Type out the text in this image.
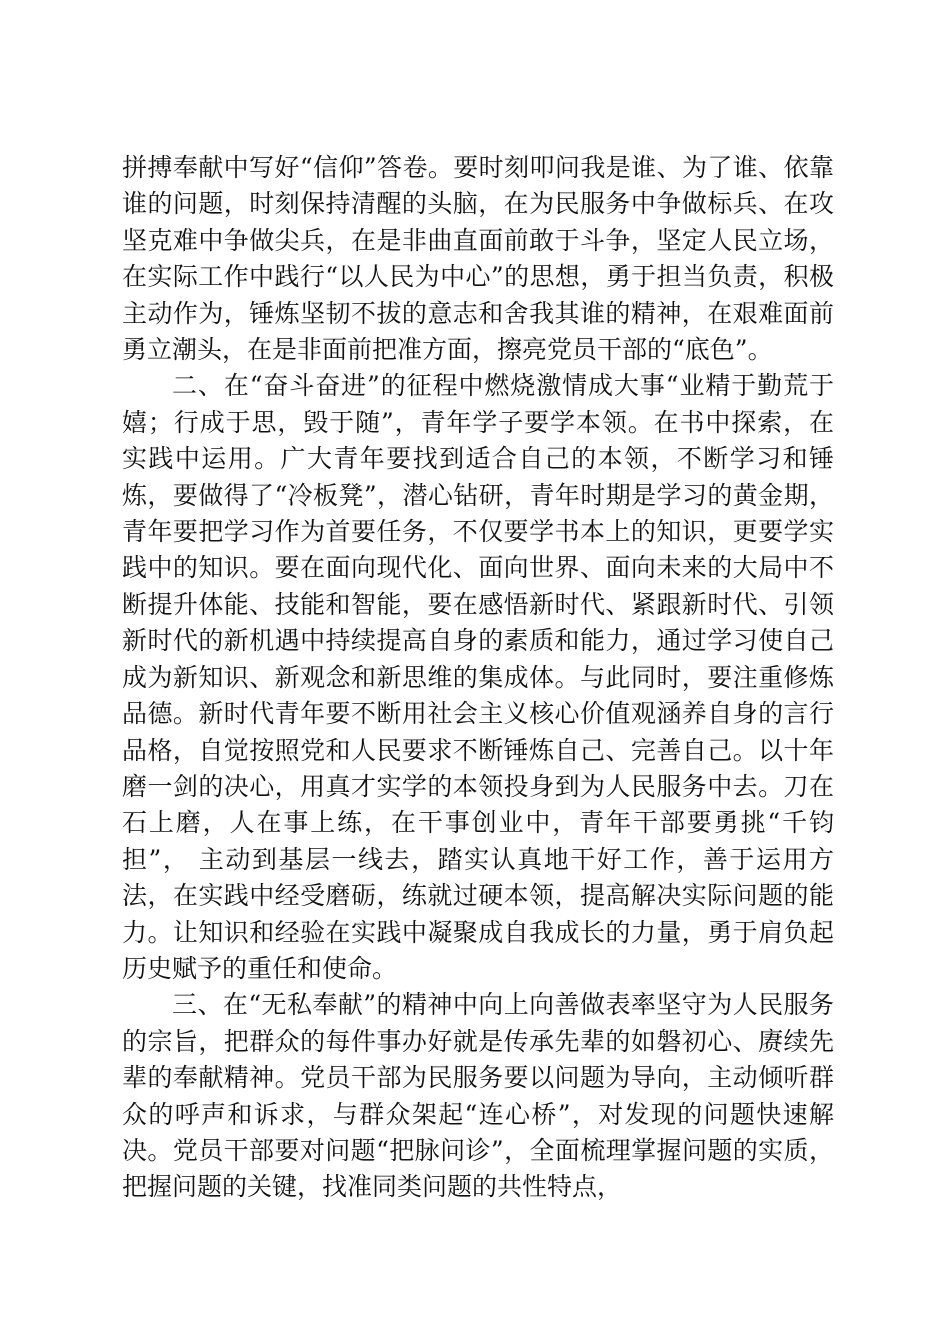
拼搏奉献中写好“信仰”答卷。要时刻叩问我是谁、为了谁、依靠谁的问题，时刻保持清醒的头脑，在为民服务中争做标兵、在攻坚克难中争做尖兵，在是非曲直面前敢于斗争，坚定人民立场，在实际工作中践行“以人民为中心”的思想，勇于担当负责，积极主动作为，锤炼坚韧不拔的意志和舍我其谁的精神，在艰难面前勇立潮头，在是非面前把准方面，擦亮党员干部的“底色”。

二、在“奋斗奋进”的征程中燃烧激情成大事“业精于勤荒于嬉；行成于思，毁于随”，青年学子要学本领。在书中探索，在实践中运用。广大青年要找到适合自己的本领，不断学习和锤炼，要做得了“冷板凳”，潜心钻研，青年时期是学习的黄金期，青年要把学习作为首要任务，不仅要学书本上的知识，更要学实践中的知识。要在面向现代化、面向世界、面向未来的大局中不断提升体能、技能和智能，要在感悟新时代、紧跟新时代、引领新时代的新机遇中持续提高自身的素质和能力，通过学习使自己成为新知识、新观念和新思维的集成体。与此同时，要注重修炼品德。新时代青年要不断用社会主义核心价值观涵养自身的言行品格，自觉按照党和人民要求不断锤炼自己、完善自己。以十年磨一剑的决心，用真才实学的本领投身到为人民服务中去。刀在石上磨，人在事上练，在干事创业中，青年干部要勇挑“千钧担”， 主动到基层一线去，踏实认真地干好工作，善于运用方法，在实践中经受磨砺，练就过硬本领，提高解决实际问题的能力。让知识和经验在实践中凝聚成自我成长的力量，勇于肩负起历史赋予的重任和使命。

三、在“无私奉献”的精神中向上向善做表率坚守为人民服务的宗旨，把群众的每件事办好就是传承先辈的如磐初心、赓续先辈的奉献精神。党员干部为民服务要以问题为导向，主动倾听群众的呼声和诉求，与群众架起“连心桥”，对发现的问题快速解决。党员干部要对问题“把脉问诊”，全面梳理掌握问题的实质，把握问题的关键，找准同类问题的共性特点，
